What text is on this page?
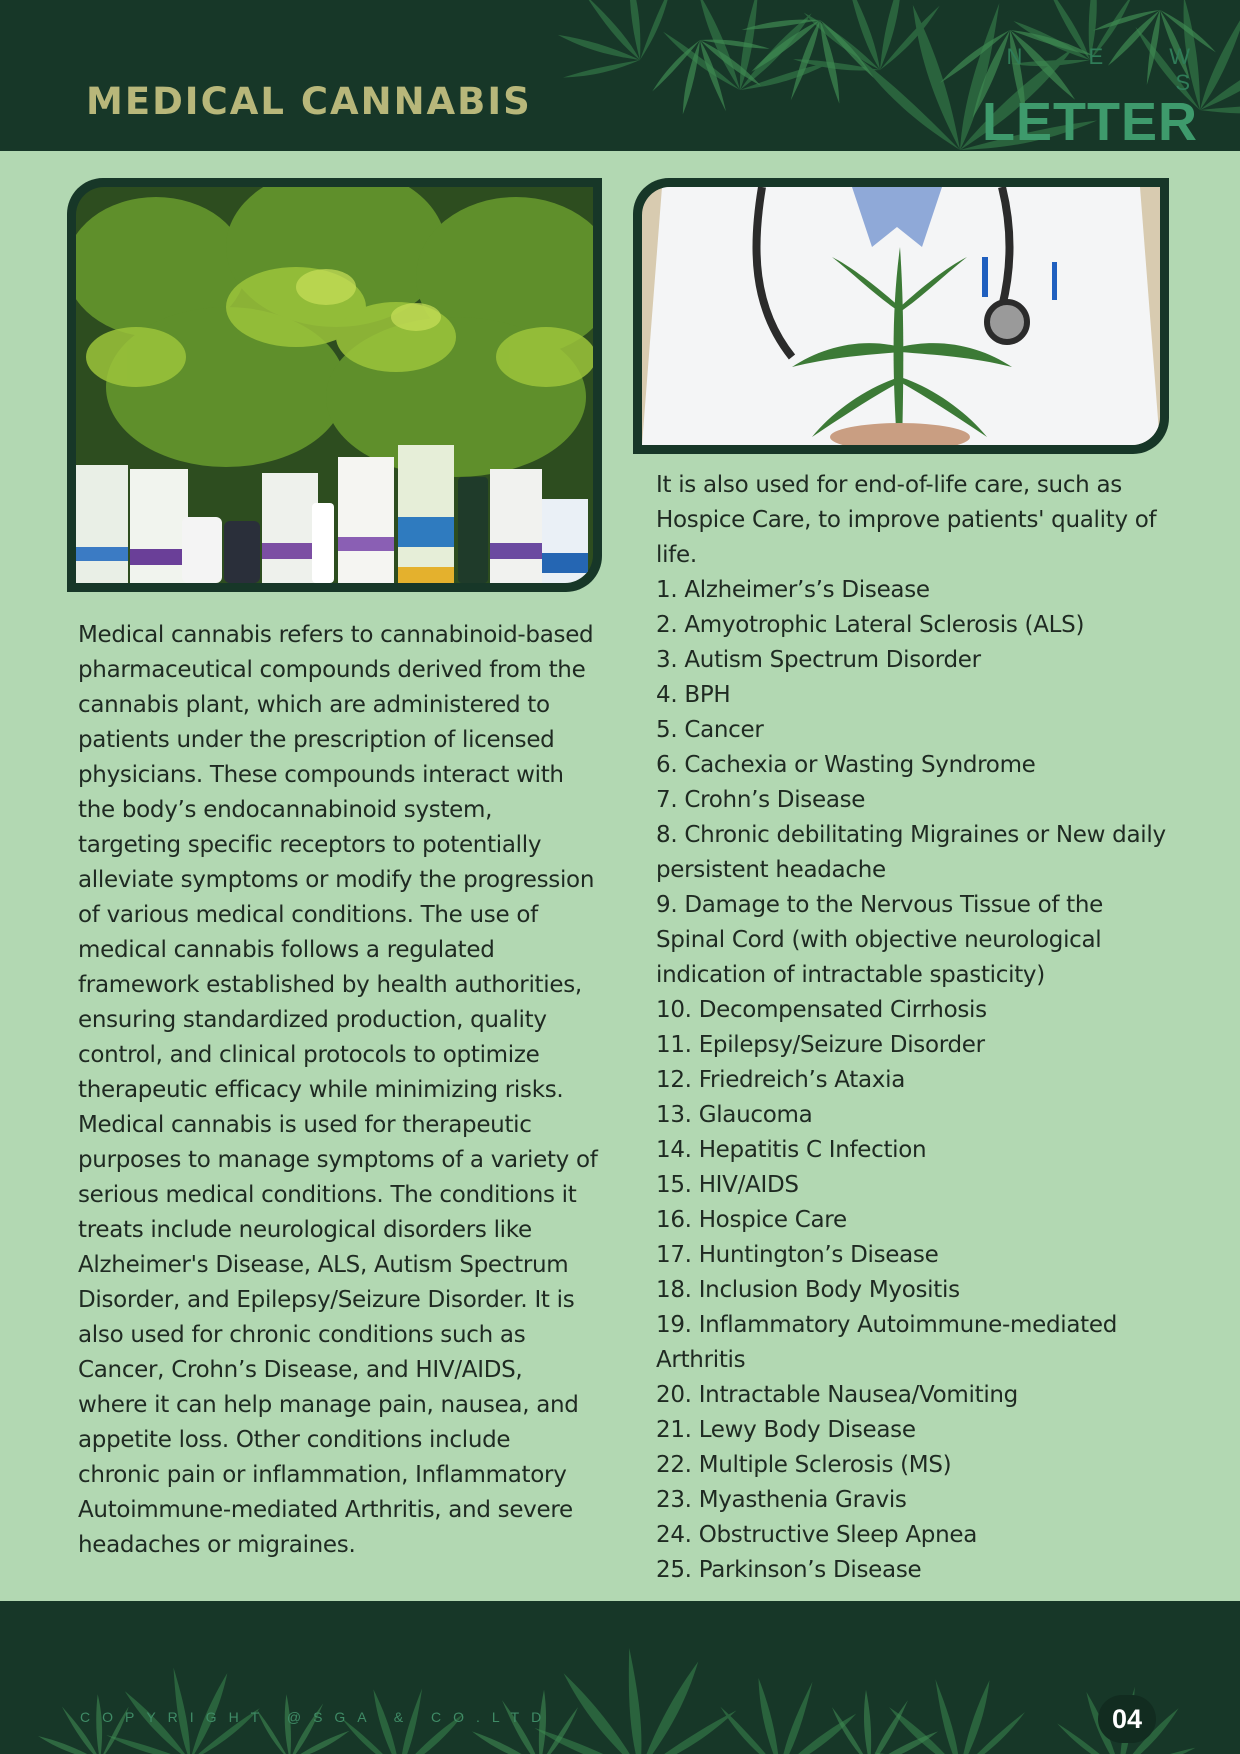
MEDICAL CANNABIS
N E W S
LETTER

Medical cannabis refers to cannabinoid-based pharmaceutical compounds derived from the cannabis plant, which are administered to patients under the prescription of licensed physicians. These compounds interact with the body’s endocannabinoid system, targeting specific receptors to potentially alleviate symptoms or modify the progression of various medical conditions. The use of medical cannabis follows a regulated framework established by health authorities, ensuring standardized production, quality control, and clinical protocols to optimize therapeutic efficacy while minimizing risks.

Medical cannabis is used for therapeutic purposes to manage symptoms of a variety of serious medical conditions. The conditions it treats include neurological disorders like Alzheimer's Disease, ALS, Autism Spectrum Disorder, and Epilepsy/Seizure Disorder. It is also used for chronic conditions such as Cancer, Crohn’s Disease, and HIV/AIDS, where it can help manage pain, nausea, and appetite loss. Other conditions include chronic pain or inflammation, Inflammatory Autoimmune-mediated Arthritis, and severe headaches or migraines.

It is also used for end-of-life care, such as Hospice Care, to improve patients' quality of life.

1. Alzheimer’s’s Disease
2. Amyotrophic Lateral Sclerosis (ALS)
3. Autism Spectrum Disorder
4. BPH
5. Cancer
6. Cachexia or Wasting Syndrome
7. Crohn’s Disease
8. Chronic debilitating Migraines or New daily persistent headache
9. Damage to the Nervous Tissue of the Spinal Cord (with objective neurological indication of intractable spasticity)
10. Decompensated Cirrhosis
11. Epilepsy/Seizure Disorder
12. Friedreich’s Ataxia
13. Glaucoma
14. Hepatitis C Infection
15. HIV/AIDS
16. Hospice Care
17. Huntington’s Disease
18. Inclusion Body Myositis
19. Inflammatory Autoimmune-mediated Arthritis
20. Intractable Nausea/Vomiting
21. Lewy Body Disease
22. Multiple Sclerosis (MS)
23. Myasthenia Gravis
24. Obstructive Sleep Apnea
25. Parkinson’s Disease
COPYRIGHT @SGA & CO.LTD	04
